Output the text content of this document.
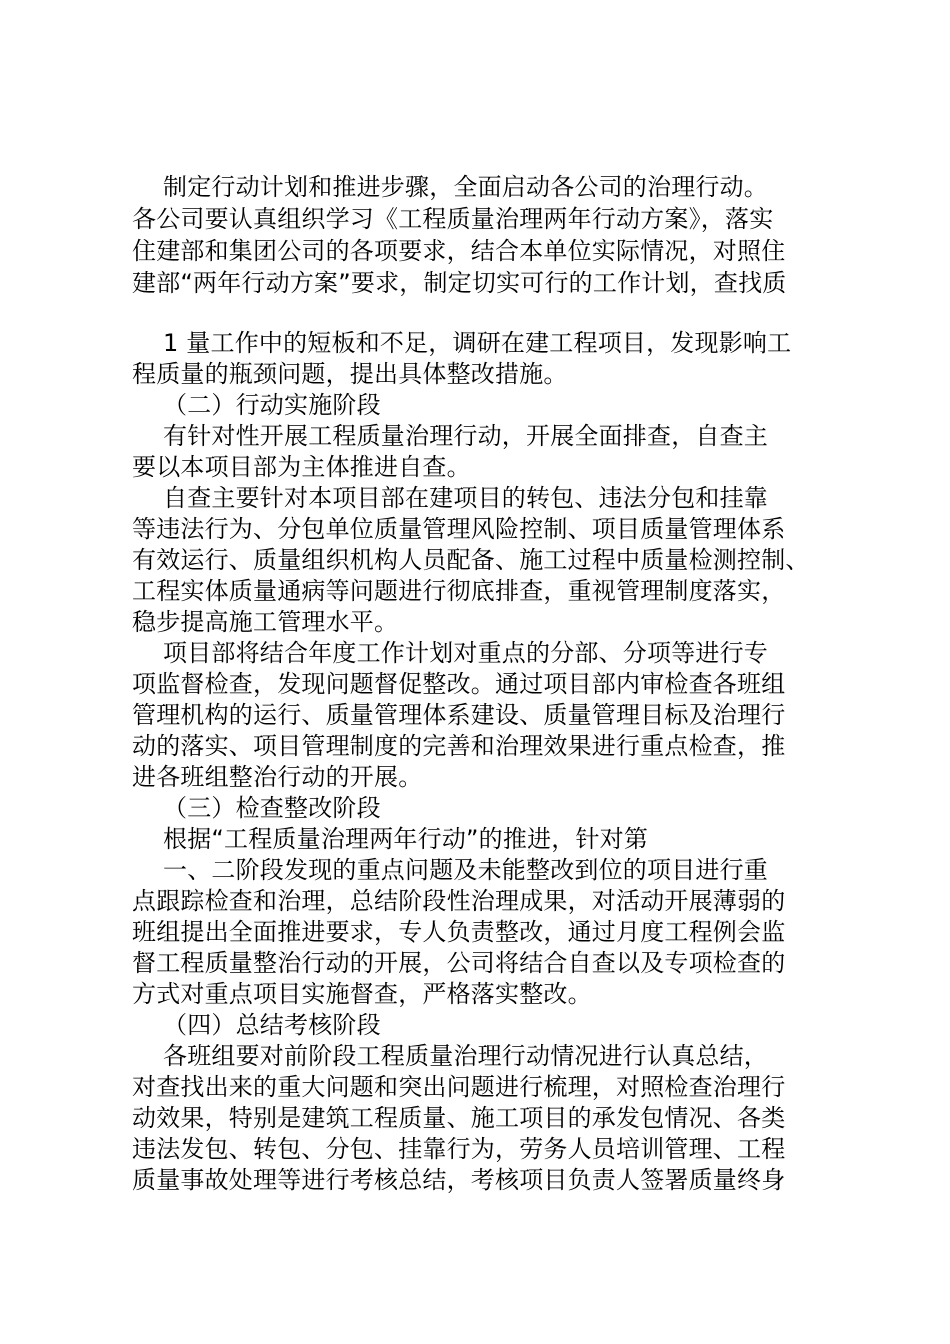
制定行动计划和推进步骤，全面启动各公司的治理行动。
各公司要认真组织学习《工程质量治理两年行动方案》，落实
住建部和集团公司的各项要求，结合本单位实际情况，对照住
建部“两年行动方案”要求，制定切实可行的工作计划，查找质
1 量工作中的短板和不足，调研在建工程项目，发现影响工
程质量的瓶颈问题，提出具体整改措施。
（二）行动实施阶段
有针对性开展工程质量治理行动，开展全面排查，自查主
要以本项目部为主体推进自查。
自查主要针对本项目部在建项目的转包、违法分包和挂靠
等违法行为、分包单位质量管理风险控制、项目质量管理体系
有效运行、质量组织机构人员配备、施工过程中质量检测控制、
工程实体质量通病等问题进行彻底排查，重视管理制度落实，
稳步提高施工管理水平。
项目部将结合年度工作计划对重点的分部、分项等进行专
项监督检查，发现问题督促整改。通过项目部内审检查各班组
管理机构的运行、质量管理体系建设、质量管理目标及治理行
动的落实、项目管理制度的完善和治理效果进行重点检查，推
进各班组整治行动的开展。
（三）检查整改阶段
根据“工程质量治理两年行动”的推进，针对第
一、二阶段发现的重点问题及未能整改到位的项目进行重
点跟踪检查和治理，总结阶段性治理成果，对活动开展薄弱的
班组提出全面推进要求，专人负责整改，通过月度工程例会监
督工程质量整治行动的开展，公司将结合自查以及专项检查的
方式对重点项目实施督查，严格落实整改。
（四）总结考核阶段
各班组要对前阶段工程质量治理行动情况进行认真总结，
对查找出来的重大问题和突出问题进行梳理，对照检查治理行
动效果，特别是建筑工程质量、施工项目的承发包情况、各类
违法发包、转包、分包、挂靠行为，劳务人员培训管理、工程
质量事故处理等进行考核总结，考核项目负责人签署质量终身
